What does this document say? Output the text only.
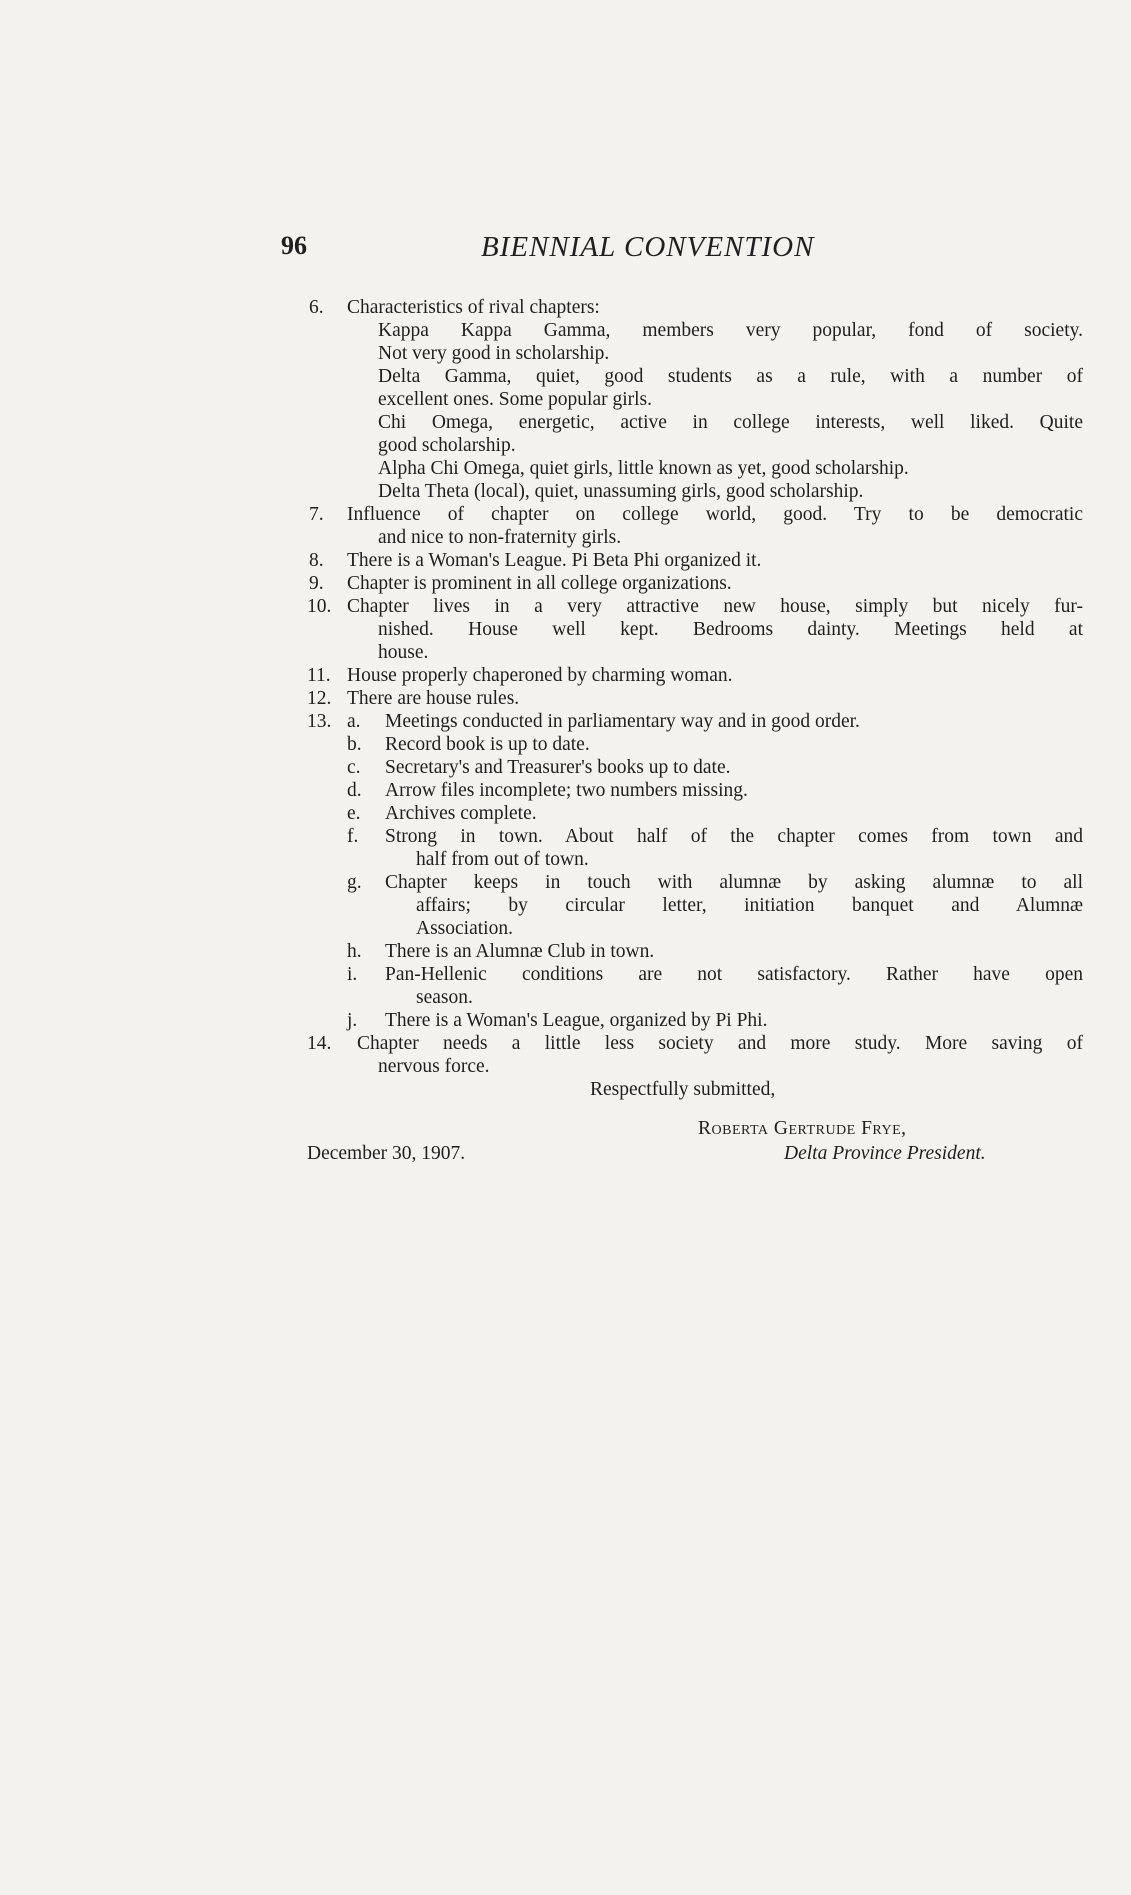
96	BIENNIAL CONVENTION
6. Characteristics of rival chapters:
Kappa Kappa Gamma, members very popular, fond of society.
Not very good in scholarship.
Delta Gamma, quiet, good students as a rule, with a number of
excellent ones. Some popular girls.
Chi Omega, energetic, active in college interests, well liked. Quite
good scholarship.
Alpha Chi Omega, quiet girls, little known as yet, good scholarship.
Delta Theta (local), quiet, unassuming girls, good scholarship.
7. Influence of chapter on college world, good. Try to be democratic
and nice to non-fraternity girls.
8. There is a Woman's League. Pi Beta Phi organized it.
9. Chapter is prominent in all college organizations.
10. Chapter lives in a very attractive new house, simply but nicely fur-
nished. House well kept. Bedrooms dainty. Meetings held at
house.
11. House properly chaperoned by charming woman.
12. There are house rules.
13. a. Meetings conducted in parliamentary way and in good order.
b. Record book is up to date.
c. Secretary's and Treasurer's books up to date.
d. Arrow files incomplete; two numbers missing.
e. Archives complete.
f. Strong in town. About half of the chapter comes from town and
half from out of town.
g. Chapter keeps in touch with alumnæ by asking alumnæ to all
affairs; by circular letter, initiation banquet and Alumnæ
Association.
h. There is an Alumnæ Club in town.
i. Pan-Hellenic conditions are not satisfactory. Rather have open
season.
j. There is a Woman's League, organized by Pi Phi.
14. Chapter needs a little less society and more study. More saving of
nervous force.
Respectfully submitted,
Roberta Gertrude Frye,
December 30, 1907.	Delta Province President.
